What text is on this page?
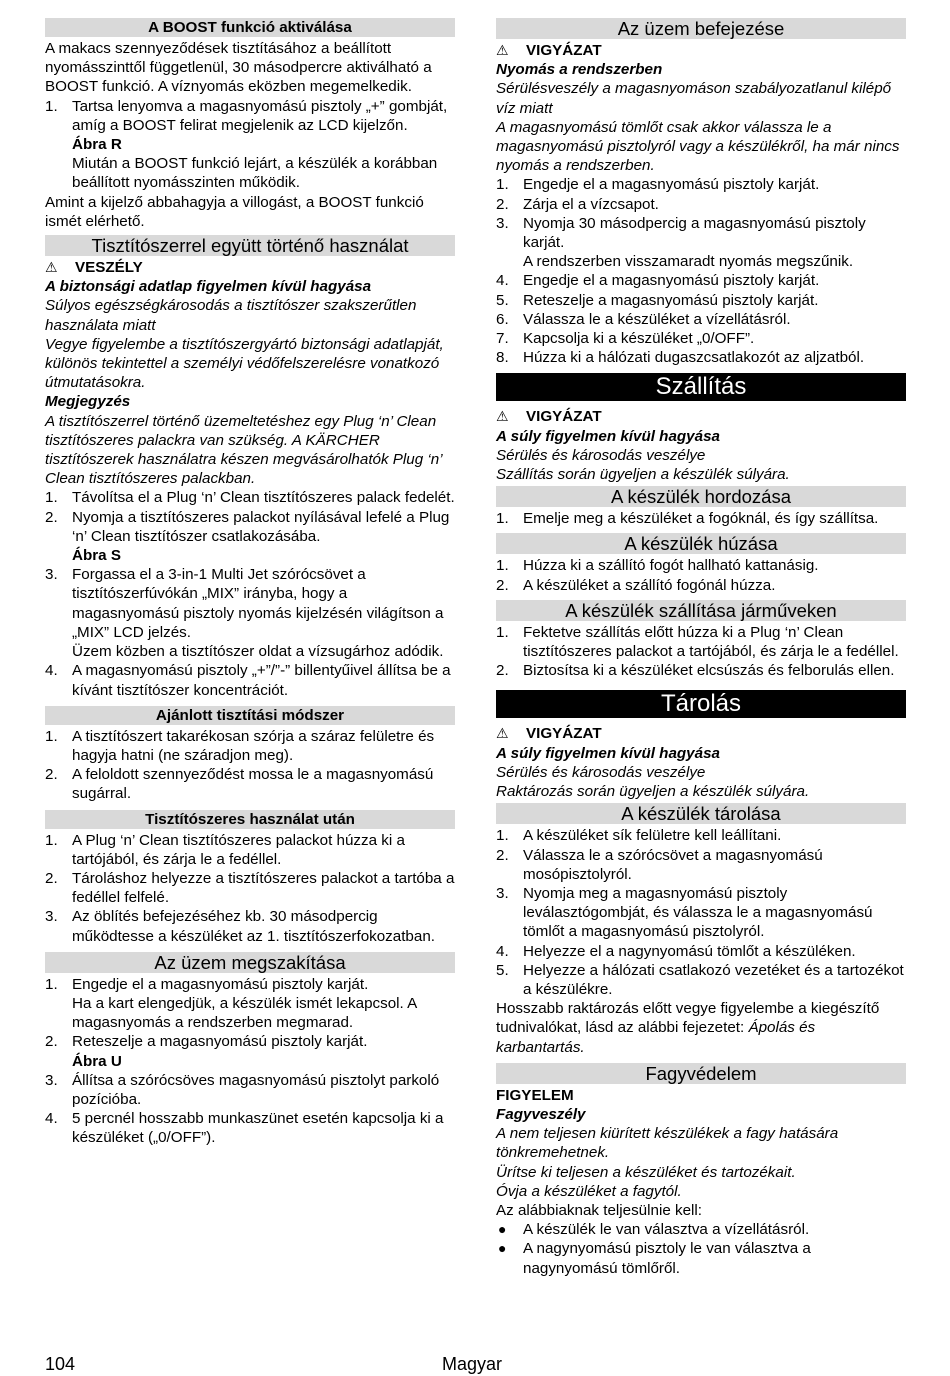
A BOOST funkció aktiválása

A makacs szennyeződések tisztításához a beállított nyomásszinttől függetlenül, 30 másodpercre aktiválható a BOOST funkció. A víznyomás eközben megemelkedik.

1. Tartsa lenyomva a magasnyomású pisztoly „+” gombját, amíg a BOOST felirat megjelenik az LCD kijelzőn.

Ábra R

Miután a BOOST funkció lejárt, a készülék a korábban beállított nyomásszinten működik.

Amint a kijelző abbahagyja a villogást, a BOOST funkció ismét elérhető.

Tisztítószerrel együtt történő használat
⚠	VESZÉLY

A biztonsági adatlap figyelmen kívül hagyása

Súlyos egészségkárosodás a tisztítószer szakszerűtlen használata miatt

Vegye figyelembe a tisztítószergyártó biztonsági adatlapját, különös tekintettel a személyi védőfelszerelésre vonatkozó útmutatásokra.

Megjegyzés

A tisztítószerrel történő üzemeltetéshez egy Plug ‘n’ Clean tisztítószeres palackra van szükség. A KÄRCHER tisztítószerek használatra készen megvásárolhatók Plug ‘n’ Clean tisztítószeres palackban.

1. Távolítsa el a Plug ‘n’ Clean tisztítószeres palack fedelét.
2. Nyomja a tisztítószeres palackot nyílásával lefelé a Plug ‘n’ Clean tisztítószer csatlakozásába.

Ábra S

3. Forgassa el a 3-in-1 Multi Jet szórócsövet a tisztítószerfúvókán „MIX” irányba, hogy a magasnyomású pisztoly nyomás kijelzésén világítson a „MIX” LCD jelzés.

Üzem közben a tisztítószer oldat a vízsugárhoz adódik.

4. A magasnyomású pisztoly „+”/”-” billentyűivel állítsa be a kívánt tisztítószer koncentrációt.
Ajánlott tisztítási módszer
1. A tisztítószert takarékosan szórja a száraz felületre és hagyja hatni (ne száradjon meg).
2. A feloldott szennyeződést mossa le a magasnyomású sugárral.
Tisztítószeres használat után
1. A Plug ‘n’ Clean tisztítószeres palackot húzza ki a tartójából, és zárja le a fedéllel.
2. Tároláshoz helyezze a tisztítószeres palackot a tartóba a fedéllel felfelé.
3. Az öblítés befejezéséhez kb. 30 másodpercig működtesse a készüléket az 1. tisztítószerfokozatban.
Az üzem megszakítása
1. Engedje el a magasnyomású pisztoly karját.

Ha a kart elengedjük, a készülék ismét lekapcsol. A magasnyomás a rendszerben megmarad.

2. Reteszelje a magasnyomású pisztoly karját.

Ábra U

3. Állítsa a szórócsöves magasnyomású pisztolyt parkoló pozícióba.
4. 5 percnél hosszabb munkaszünet esetén kapcsolja ki a készüléket („0/OFF”).
Az üzem befejezése
⚠	VIGYÁZAT

Nyomás a rendszerben

Sérülésveszély a magasnyomáson szabályozatlanul kilépő víz miatt

A magasnyomású tömlőt csak akkor válassza le a magasnyomású pisztolyról vagy a készülékről, ha már nincs nyomás a rendszerben.

1. Engedje el a magasnyomású pisztoly karját.
2. Zárja el a vízcsapot.
3. Nyomja 30 másodpercig a magasnyomású pisztoly karját.

A rendszerben visszamaradt nyomás megszűnik.

4. Engedje el a magasnyomású pisztoly karját.
5. Reteszelje a magasnyomású pisztoly karját.
6. Válassza le a készüléket a vízellátásról.
7. Kapcsolja ki a készüléket „0/OFF”.
8. Húzza ki a hálózati dugaszcsatlakozót az aljzatból.
Szállítás
⚠	VIGYÁZAT

A súly figyelmen kívül hagyása

Sérülés és károsodás veszélye

Szállítás során ügyeljen a készülék súlyára.

A készülék hordozása
1. Emelje meg a készüléket a fogóknál, és így szállítsa.
A készülék húzása
1. Húzza ki a szállító fogót hallható kattanásig.
2. A készüléket a szállító fogónál húzza.
A készülék szállítása járműveken
1. Fektetve szállítás előtt húzza ki a Plug ‘n’ Clean tisztítószeres palackot a tartójából, és zárja le a fedéllel.
2. Biztosítsa ki a készüléket elcsúszás és felborulás ellen.
Tárolás
⚠	VIGYÁZAT

A súly figyelmen kívül hagyása

Sérülés és károsodás veszélye

Raktározás során ügyeljen a készülék súlyára.

A készülék tárolása
1. A készüléket sík felületre kell leállítani.
2. Válassza le a szórócsövet a magasnyomású mosópisztolyról.
3. Nyomja meg a magasnyomású pisztoly leválasztógombját, és válassza le a magasnyomású tömlőt a magasnyomású pisztolyról.
4. Helyezze el a nagynyomású tömlőt a készüléken.
5. Helyezze a hálózati csatlakozó vezetéket és a tartozékot a készülékre.

Hosszabb raktározás előtt vegye figyelembe a kiegészítő tudnivalókat, lásd az alábbi fejezetet: Ápolás és karbantartás.

Fagyvédelem

FIGYELEM

Fagyveszély

A nem teljesen kiürített készülékek a fagy hatására tönkremehetnek.

Ürítse ki teljesen a készüléket és tartozékait.

Óvja a készüléket a fagytól.

Az alábbiaknak teljesülnie kell:

● A készülék le van választva a vízellátásról.
● A nagynyomású pisztoly le van választva a nagynyomású tömlőről.
104	Magyar
